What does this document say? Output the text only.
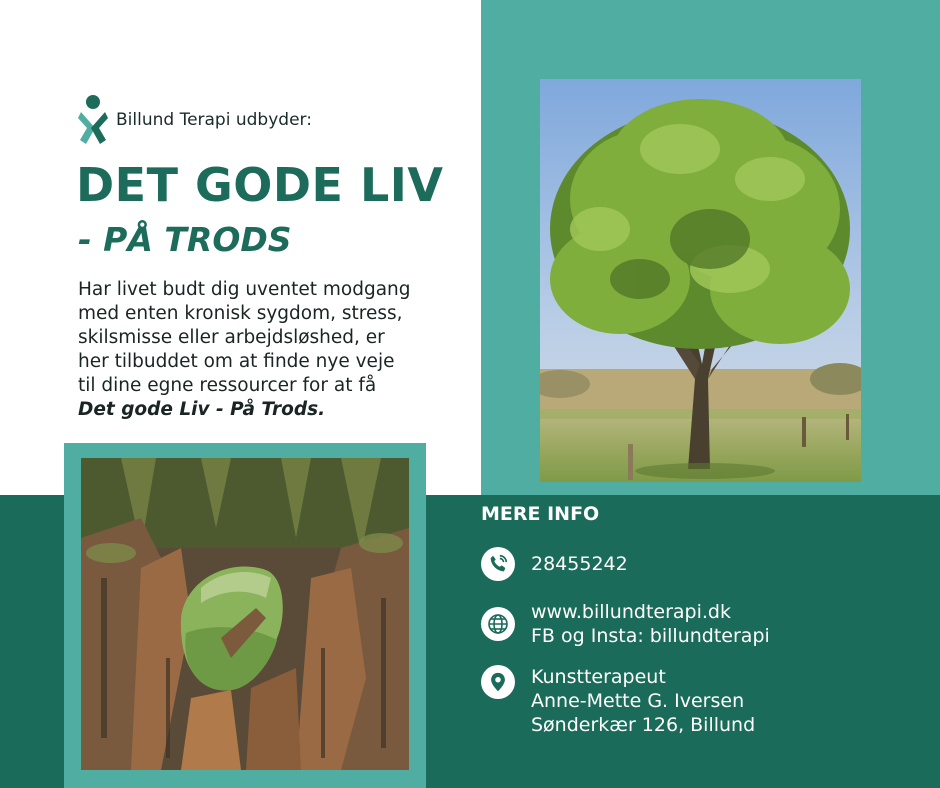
Billund Terapi udbyder:
DET GODE LIV
- PÅ TRODS
Har livet budt dig uventet modgang
med enten kronisk sygdom, stress,
skilsmisse eller arbejdsløshed, er
her tilbuddet om at finde nye veje
til dine egne ressourcer for at få
Det gode Liv - På Trods.
MERE INFO
28455242
www.billundterapi.dk
FB og Insta: billundterapi
Kunstterapeut
Anne-Mette G. Iversen
Sønderkær 126, Billund
